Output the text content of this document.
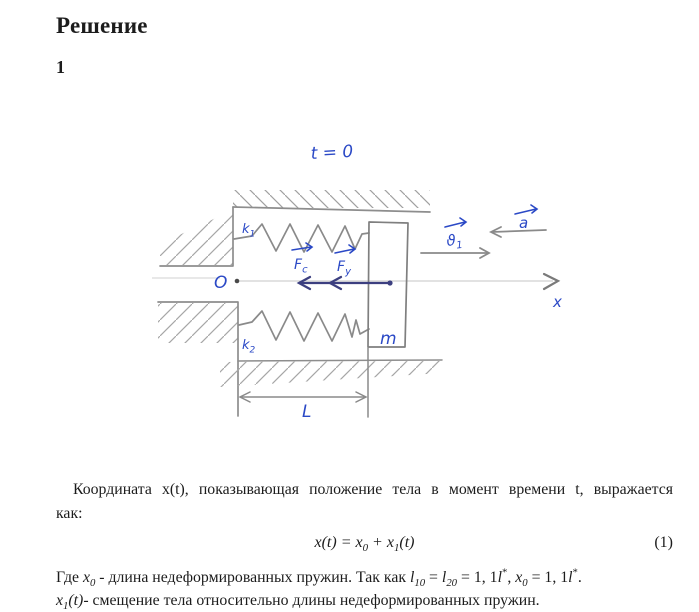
Решение
1
t = 0
$k_1$
$k_2$
O
x
m
L
$F_c$ $F_y$
$ϑ_1$
a
Координата x(t), показывающая положение тела в момент времени t, выражается
как:
$x(t) = x_0 + x_1(t)$	(1)
Где $x_0$ - длина недеформированных пружин. Так как $l_{10} = l_{20} = 1$, 1l*, $x_0 = 1$, 1l*.
$x_1(t)-$ смещение тела относительно длины недеформированных пружин.
